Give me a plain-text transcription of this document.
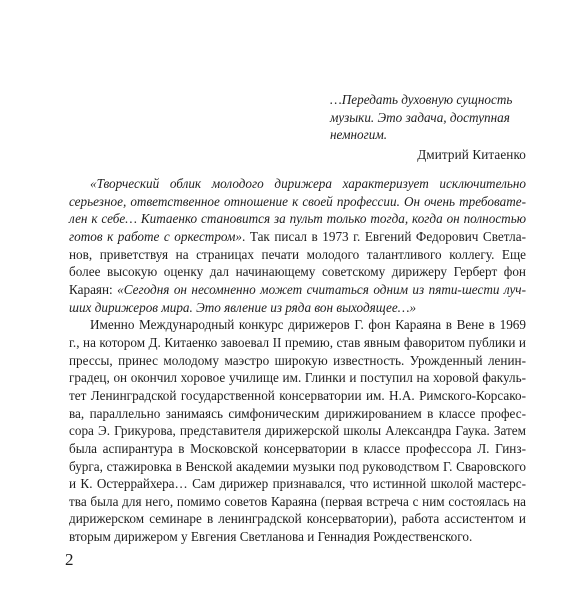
…Передать духовную сущность музыки. Это задача, доступная немногим.

Дмитрий Китаенко

«Творческий облик молодого дирижера характеризует исключительно серьезное, ответственное отношение к своей профессии. Он очень требователен к себе… Китаенко становится за пульт только тогда, когда он полностью готов к работе с оркестром». Так писал в 1973 г. Евгений Федорович Светланов, приветствуя на страницах печати молодого талантливого коллегу. Еще более высокую оценку дал начинающему советскому дирижеру Герберт фон Караян: «Сегодня он несомненно может считаться одним из пяти-шести лучших дирижеров мира. Это явление из ряда вон выходящее…»

Именно Международный конкурс дирижеров Г. фон Караяна в Вене в 1969 г., на котором Д. Китаенко завоевал II премию, став явным фаворитом публики и прессы, принес молодому маэстро широкую известность. Урожденный ленинградец, он окончил хоровое училище им. Глинки и поступил на хоровой факультет Ленинградской государственной консерватории им. Н.А. Римского-Корсакова, параллельно занимаясь симфоническим дирижированием в классе профессора Э. Грикурова, представителя дирижерской школы Александра Гаука. Затем была аспирантура в Московской консерватории в классе профессора Л. Гинзбурга, стажировка в Венской академии музыки под руководством Г. Сваровского и К. Остеррайхера… Сам дирижер признавался, что истинной школой мастерства была для него, помимо советов Караяна (первая встреча с ним состоялась на дирижерском семинаре в ленинградской консерватории), работа ассистентом и вторым дирижером у Евгения Светланова и Геннадия Рождественского.

2
